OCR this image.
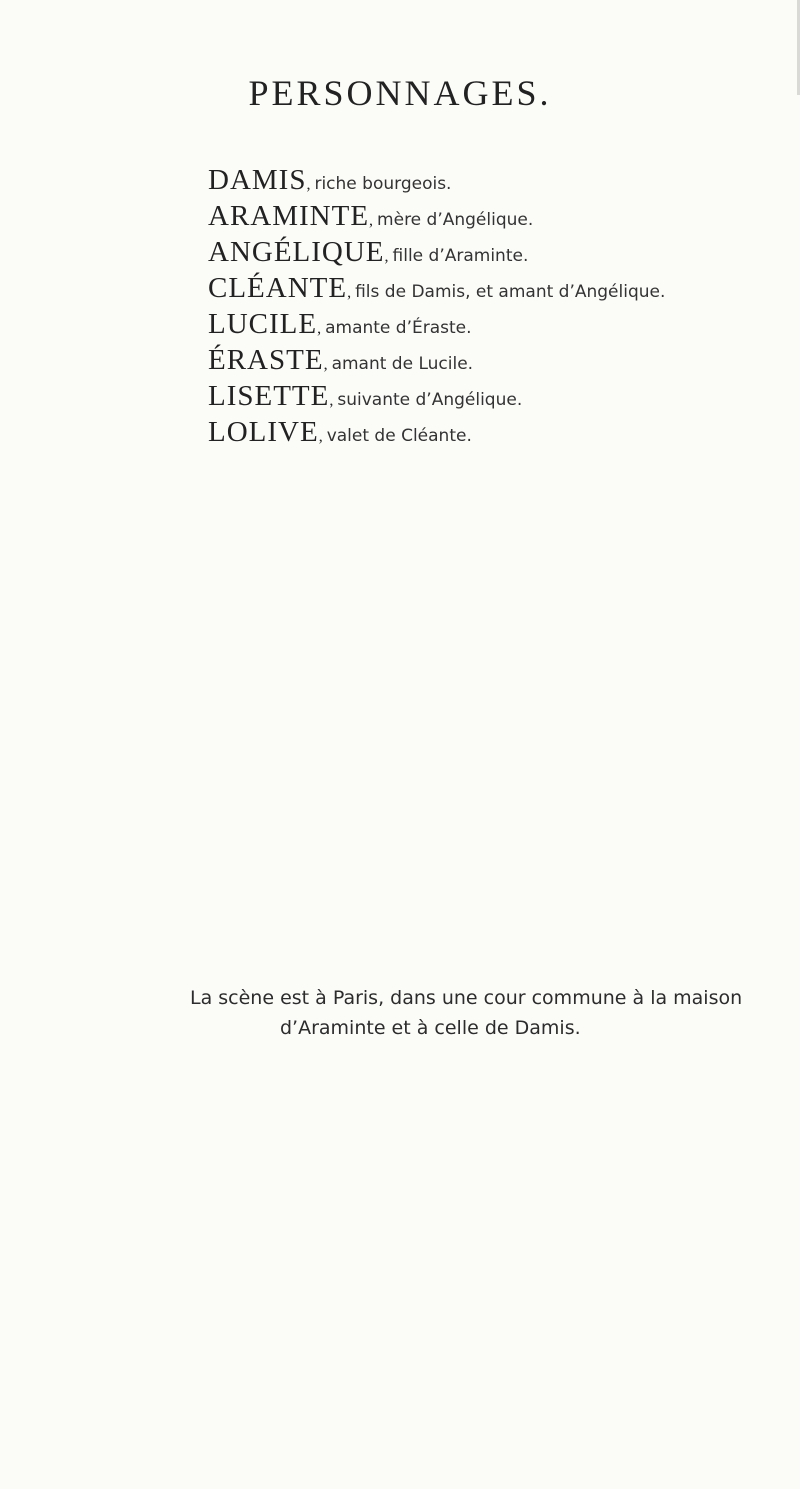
PERSONNAGES.
DAMIS, riche bourgeois.
ARAMINTE, mère d’Angélique.
ANGÉLIQUE, fille d’Araminte.
CLÉANTE, fils de Damis, et amant d’Angélique.
LUCILE, amante d’Éraste.
ÉRASTE, amant de Lucile.
LISETTE, suivante d’Angélique.
LOLIVE, valet de Cléante.
La scène est à Paris, dans une cour commune à la maison
d’Araminte et à celle de Damis.
